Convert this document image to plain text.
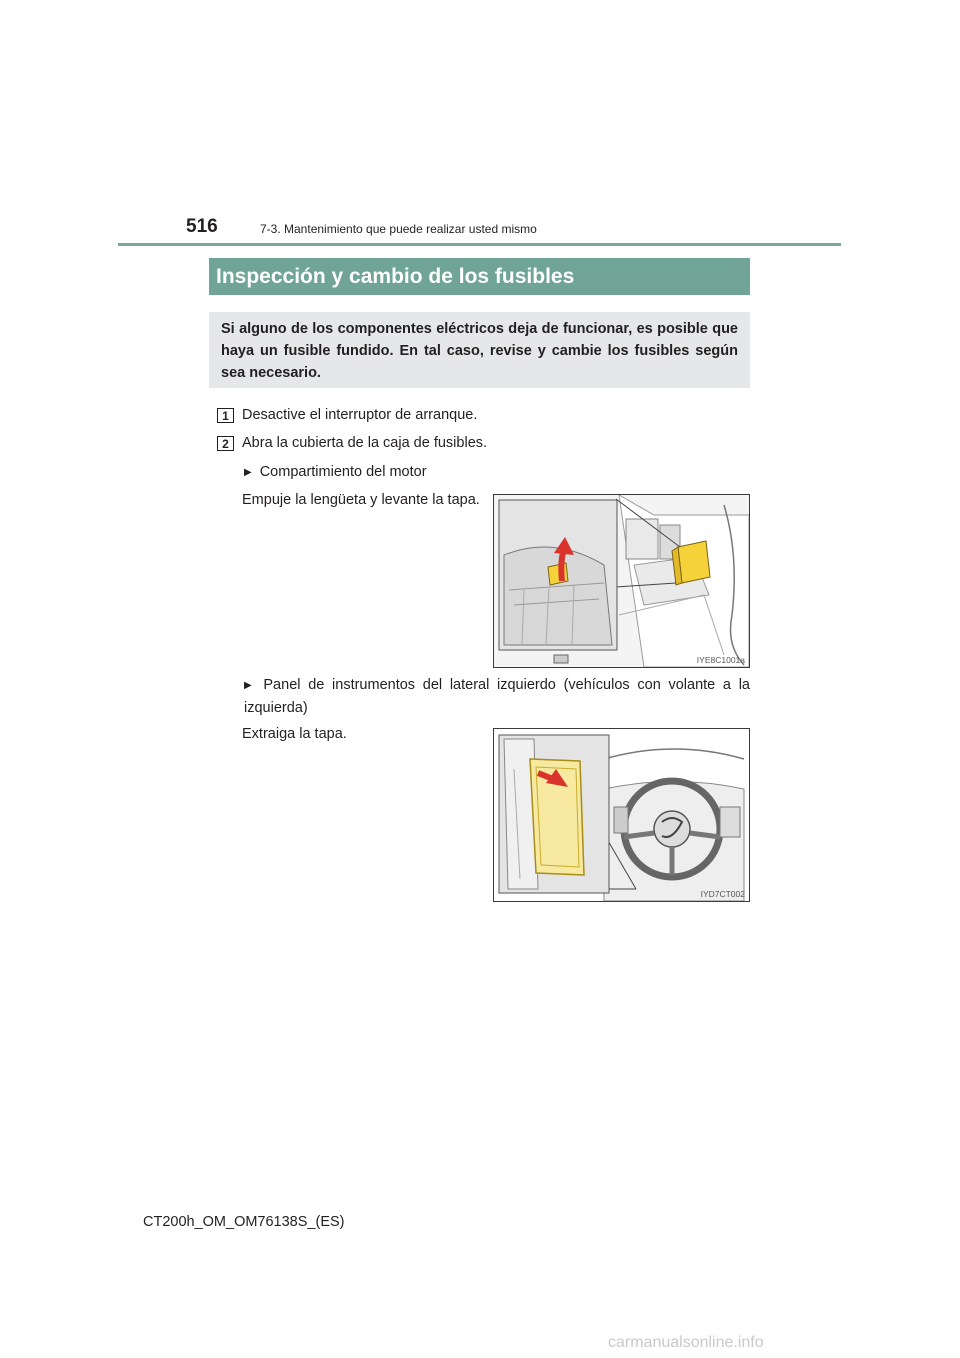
516	7-3. Mantenimiento que puede realizar usted mismo
Inspección y cambio de los fusibles
Si alguno de los componentes eléctricos deja de funcionar, es posible que haya un fusible fundido. En tal caso, revise y cambie los fusibles según sea necesario.
1 Desactive el interruptor de arranque.
2 Abra la cubierta de la caja de fusibles.
▶ Compartimiento del motor
Empuje la lengüeta y levante la tapa.
IYE8C1001a
▶ Panel de instrumentos del lateral izquierdo (vehículos con volante a la izquierda)
Extraiga la tapa.
IYD7CT002
CT200h_OM_OM76138S_(ES)
carmanualsonline.info
